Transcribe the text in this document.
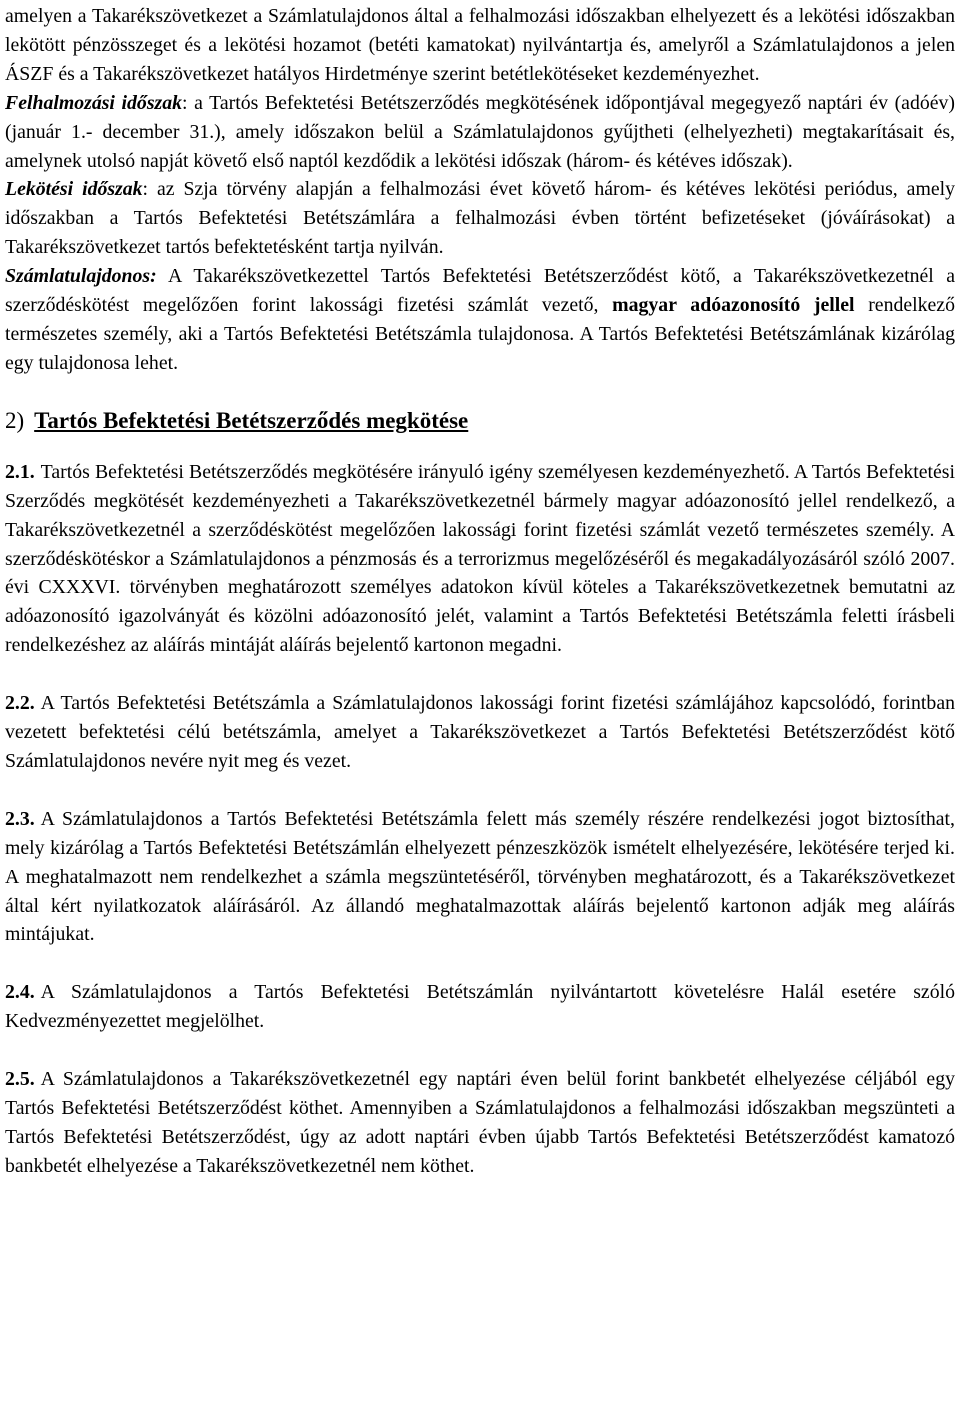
amelyen a Takarékszövetkezet a Számlatulajdonos által a felhalmozási időszakban elhelyezett és a lekötési időszakban lekötött pénzösszeget és a lekötési hozamot (betéti kamatokat) nyilvántartja és, amelyről a Számlatulajdonos a jelen ÁSZF és a Takarékszövetkezet hatályos Hirdetménye szerint betétlekötéseket kezdeményezhet.

Felhalmozási időszak: a Tartós Befektetési Betétszerződés megkötésének időpontjával megegyező naptári év (adóév) (január 1.- december 31.), amely időszakon belül a Számlatulajdonos gyűjtheti (elhelyezheti) megtakarításait és, amelynek utolsó napját követő első naptól kezdődik a lekötési időszak (három- és kétéves időszak).

Lekötési időszak: az Szja törvény alapján a felhalmozási évet követő három- és kétéves lekötési periódus, amely időszakban a Tartós Befektetési Betétszámlára a felhalmozási évben történt befizetéseket (jóváírásokat) a Takarékszövetkezet tartós befektetésként tartja nyilván.

Számlatulajdonos: A Takarékszövetkezettel Tartós Befektetési Betétszerződést kötő, a Takarékszövetkezetnél a szerződéskötést megelőzően forint lakossági fizetési számlát vezető, magyar adóazonosító jellel rendelkező természetes személy, aki a Tartós Befektetési Betétszámla tulajdonosa. A Tartós Befektetési Betétszámlának kizárólag egy tulajdonosa lehet.

2) Tartós Befektetési Betétszerződés megkötése

2.1. Tartós Befektetési Betétszerződés megkötésére irányuló igény személyesen kezdeményezhető. A Tartós Befektetési Szerződés megkötését kezdeményezheti a Takarékszövetkezetnél bármely magyar adóazonosító jellel rendelkező, a Takarékszövetkezetnél a szerződéskötést megelőzően lakossági forint fizetési számlát vezető természetes személy. A szerződéskötéskor a Számlatulajdonos a pénzmosás és a terrorizmus megelőzéséről és megakadályozásáról szóló 2007. évi CXXXVI. törvényben meghatározott személyes adatokon kívül köteles a Takarékszövetkezetnek bemutatni az adóazonosító igazolványát és közölni adóazonosító jelét, valamint a Tartós Befektetési Betétszámla feletti írásbeli rendelkezéshez az aláírás mintáját aláírás bejelentő kartonon megadni.

2.2. A Tartós Befektetési Betétszámla a Számlatulajdonos lakossági forint fizetési számlájához kapcsolódó, forintban vezetett befektetési célú betétszámla, amelyet a Takarékszövetkezet a Tartós Befektetési Betétszerződést kötő Számlatulajdonos nevére nyit meg és vezet.

2.3. A Számlatulajdonos a Tartós Befektetési Betétszámla felett más személy részére rendelkezési jogot biztosíthat, mely kizárólag a Tartós Befektetési Betétszámlán elhelyezett pénzeszközök ismételt elhelyezésére, lekötésére terjed ki. A meghatalmazott nem rendelkezhet a számla megszüntetéséről, törvényben meghatározott, és a Takarékszövetkezet által kért nyilatkozatok aláírásáról. Az állandó meghatalmazottak aláírás bejelentő kartonon adják meg aláírás mintájukat.

2.4. A Számlatulajdonos a Tartós Befektetési Betétszámlán nyilvántartott követelésre Halál esetére szóló Kedvezményezettet megjelölhet.

2.5. A Számlatulajdonos a Takarékszövetkezetnél egy naptári éven belül forint bankbetét elhelyezése céljából egy Tartós Befektetési Betétszerződést köthet. Amennyiben a Számlatulajdonos a felhalmozási időszakban megszünteti a Tartós Befektetési Betétszerződést, úgy az adott naptári évben újabb Tartós Befektetési Betétszerződést kamatozó bankbetét elhelyezése a Takarékszövetkezetnél nem köthet.
